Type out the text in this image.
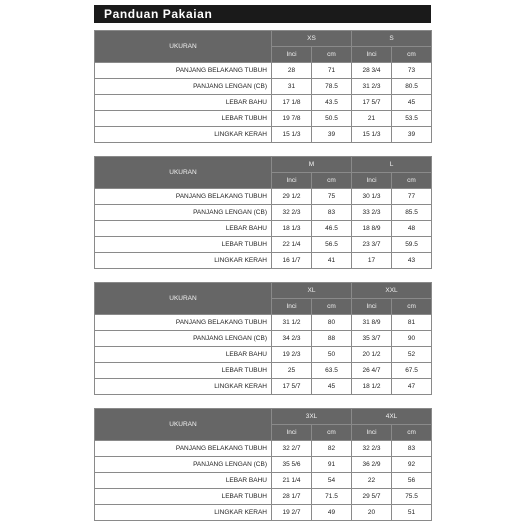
Panduan Pakaian
UKURAN	XS		S	
	Inci	cm	Inci	cm
PANJANG BELAKANG TUBUH	28	71	28 3/4	73
PANJANG LENGAN (CB)	31	78.5	31 2/3	80.5
LEBAR BAHU	17 1/8	43.5	17 5/7	45
LEBAR TUBUH	19 7/8	50.5	21	53.5
LINGKAR KERAH	15 1/3	39	15 1/3	39
UKURAN	M		L	
	Inci	cm	Inci	cm
PANJANG BELAKANG TUBUH	29 1/2	75	30 1/3	77
PANJANG LENGAN (CB)	32 2/3	83	33 2/3	85.5
LEBAR BAHU	18 1/3	46.5	18 8/9	48
LEBAR TUBUH	22 1/4	56.5	23 3/7	59.5
LINGKAR KERAH	16 1/7	41	17	43
UKURAN	XL		XXL	
	Inci	cm	Inci	cm
PANJANG BELAKANG TUBUH	31 1/2	80	31 8/9	81
PANJANG LENGAN (CB)	34 2/3	88	35 3/7	90
LEBAR BAHU	19 2/3	50	20 1/2	52
LEBAR TUBUH	25	63.5	26 4/7	67.5
LINGKAR KERAH	17 5/7	45	18 1/2	47
UKURAN	3XL		4XL	
	Inci	cm	Inci	cm
PANJANG BELAKANG TUBUH	32 2/7	82	32 2/3	83
PANJANG LENGAN (CB)	35 5/6	91	36 2/9	92
LEBAR BAHU	21 1/4	54	22	56
LEBAR TUBUH	28 1/7	71.5	29 5/7	75.5
LINGKAR KERAH	19 2/7	49	20	51
